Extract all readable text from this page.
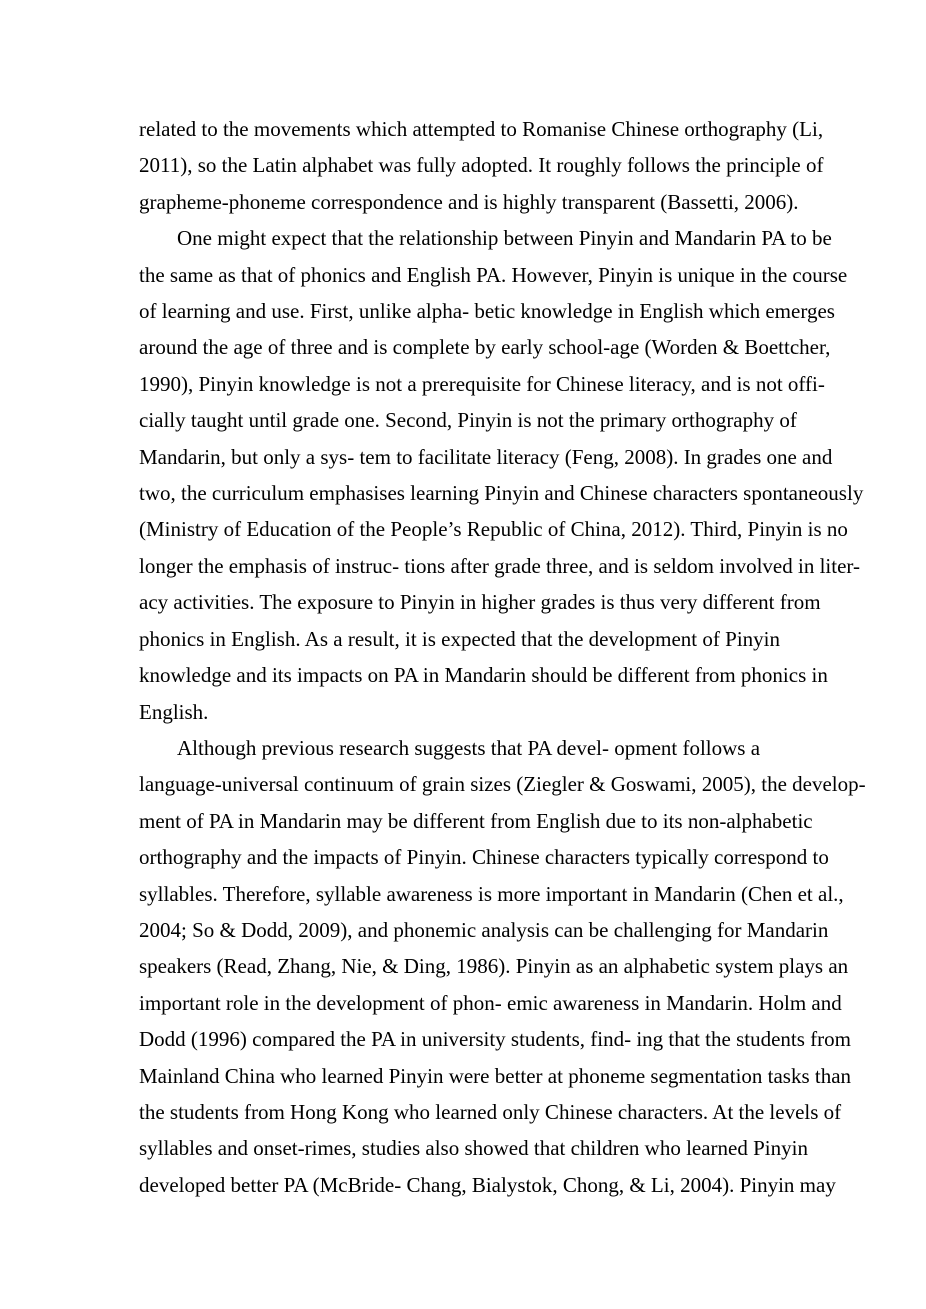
related to the movements which attempted to Romanise Chinese orthography (Li,
2011), so the Latin alphabet was fully adopted. It roughly follows the principle of
grapheme-phoneme correspondence and is highly transparent (Bassetti, 2006).
One might expect that the relationship between Pinyin and Mandarin PA to be
the same as that of phonics and English PA. However, Pinyin is unique in the course
of learning and use. First, unlike alpha- betic knowledge in English which emerges
around the age of three and is complete by early school-age (Worden & Boettcher,
1990), Pinyin knowledge is not a prerequisite for Chinese literacy, and is not offi-
cially taught until grade one. Second, Pinyin is not the primary orthography of
Mandarin, but only a sys- tem to facilitate literacy (Feng, 2008). In grades one and
two, the curriculum emphasises learning Pinyin and Chinese characters spontaneously
(Ministry of Education of the People’s Republic of China, 2012). Third, Pinyin is no
longer the emphasis of instruc- tions after grade three, and is seldom involved in liter-
acy activities. The exposure to Pinyin in higher grades is thus very different from
phonics in English. As a result, it is expected that the development of Pinyin
knowledge and its impacts on PA in Mandarin should be different from phonics in
English.
Although previous research suggests that PA devel- opment follows a
language-universal continuum of grain sizes (Ziegler & Goswami, 2005), the develop-
ment of PA in Mandarin may be different from English due to its non-alphabetic
orthography and the impacts of Pinyin. Chinese characters typically correspond to
syllables. Therefore, syllable awareness is more important in Mandarin (Chen et al.,
2004; So & Dodd, 2009), and phonemic analysis can be challenging for Mandarin
speakers (Read, Zhang, Nie, & Ding, 1986). Pinyin as an alphabetic system plays an
important role in the development of phon- emic awareness in Mandarin. Holm and
Dodd (1996) compared the PA in university students, find- ing that the students from
Mainland China who learned Pinyin were better at phoneme segmentation tasks than
the students from Hong Kong who learned only Chinese characters. At the levels of
syllables and onset-rimes, studies also showed that children who learned Pinyin
developed better PA (McBride- Chang, Bialystok, Chong, & Li, 2004). Pinyin may
